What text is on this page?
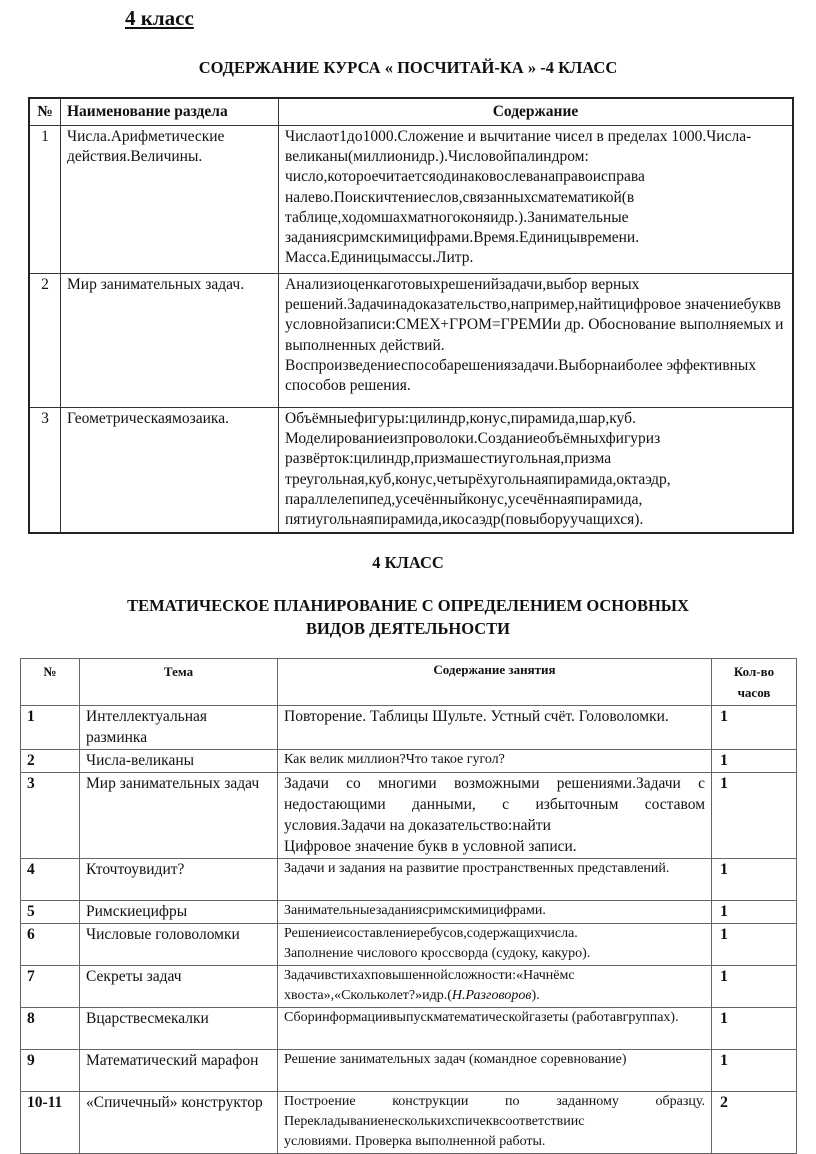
4 класс
СОДЕРЖАНИЕ КУРСА « ПОСЧИТАЙ-КА » -4 КЛАСС
№	Наименование раздела	Содержание
1	Числа.Арифметические действия.Величины.	Числаот1до1000.Сложение и вычитание чисел в пределах 1000.Числа-великаны(миллионидр.).Числовойпалиндром: число,котороечитаетсяодинаковослеванаправоисправа налево.Поискичтениеслов,связанныхсматематикой(в таблице,ходомшахматногоконяидр.).Занимательные заданиясримскимицифрами.Время.Единицывремени. Масса.Единицымассы.Литр.
2	Мир занимательных задач.	Анализиоценкаготовыхрешенийзадачи,выбор верных решений.Задачинадоказательство,например,найтицифровое значениебуквв условнойзаписи:СМЕХ+ГРОМ=ГРЕМИи др. Обоснование выполняемых и выполненных действий. Воспроизведениеспособарешениязадачи.Выборнаиболее эффективных способов решения.
3	Геометрическаямозаика.	Объёмныефигуры:цилиндр,конус,пирамида,шар,куб. Моделированиеизпроволоки.Созданиеобъёмныхфигуриз развёрток:цилиндр,призмашестиугольная,призма треугольная,куб,конус,четырёхугольнаяпирамида,октаэдр, параллелепипед,усечённыйконус,усечённаяпирамида, пятиугольнаяпирамида,икосаэдр(повыборуучащихся).
4 КЛАСС
ТЕМАТИЧЕСКОЕ ПЛАНИРОВАНИЕ С ОПРЕДЕЛЕНИЕМ ОСНОВНЫХ
ВИДОВ ДЕЯТЕЛЬНОСТИ
№	Тема	Содержание занятия	Кол-во часов
1	Интеллектуальная разминка	Повторение. Таблицы Шульте. Устный счёт. Головоломки.	1
2	Числа-великаны	Как велик миллион?Что такое гугол?	1
3	Мир занимательных задач	Задачи со многими возможными решениями.Задачи с недостающими данными, с избыточным составом условия.Задачи на доказательство:найти
Цифровое значение букв в условной записи.	1
4	Кточтоувидит?	Задачи и задания на развитие пространственных представлений.	1
5	Римскиецифры	Занимательныезаданиясримскимицифрами.	1
6	Числовые головоломки	Решениеисоставлениеребусов,содержащихчисла.
Заполнение числового кроссворда (судоку, какуро).	1
7	Секреты задач	Задачивстихахповышеннойсложности:«Начнёмс хвоста»,«Скольколет?»идр.(Н.Разговоров).	1
8	Вцарствесмекалки	Сборинформациивыпускматематическойгазеты (работавгруппах).	1
9	Математический марафон	Решение занимательных задач (командное соревнование)	1
10-11	«Спичечный» конструктор	Построение конструкции по заданному образцу.
Перекладываниенесколькихспичеквсоответствиис
условиями. Проверка выполненной работы.	2
